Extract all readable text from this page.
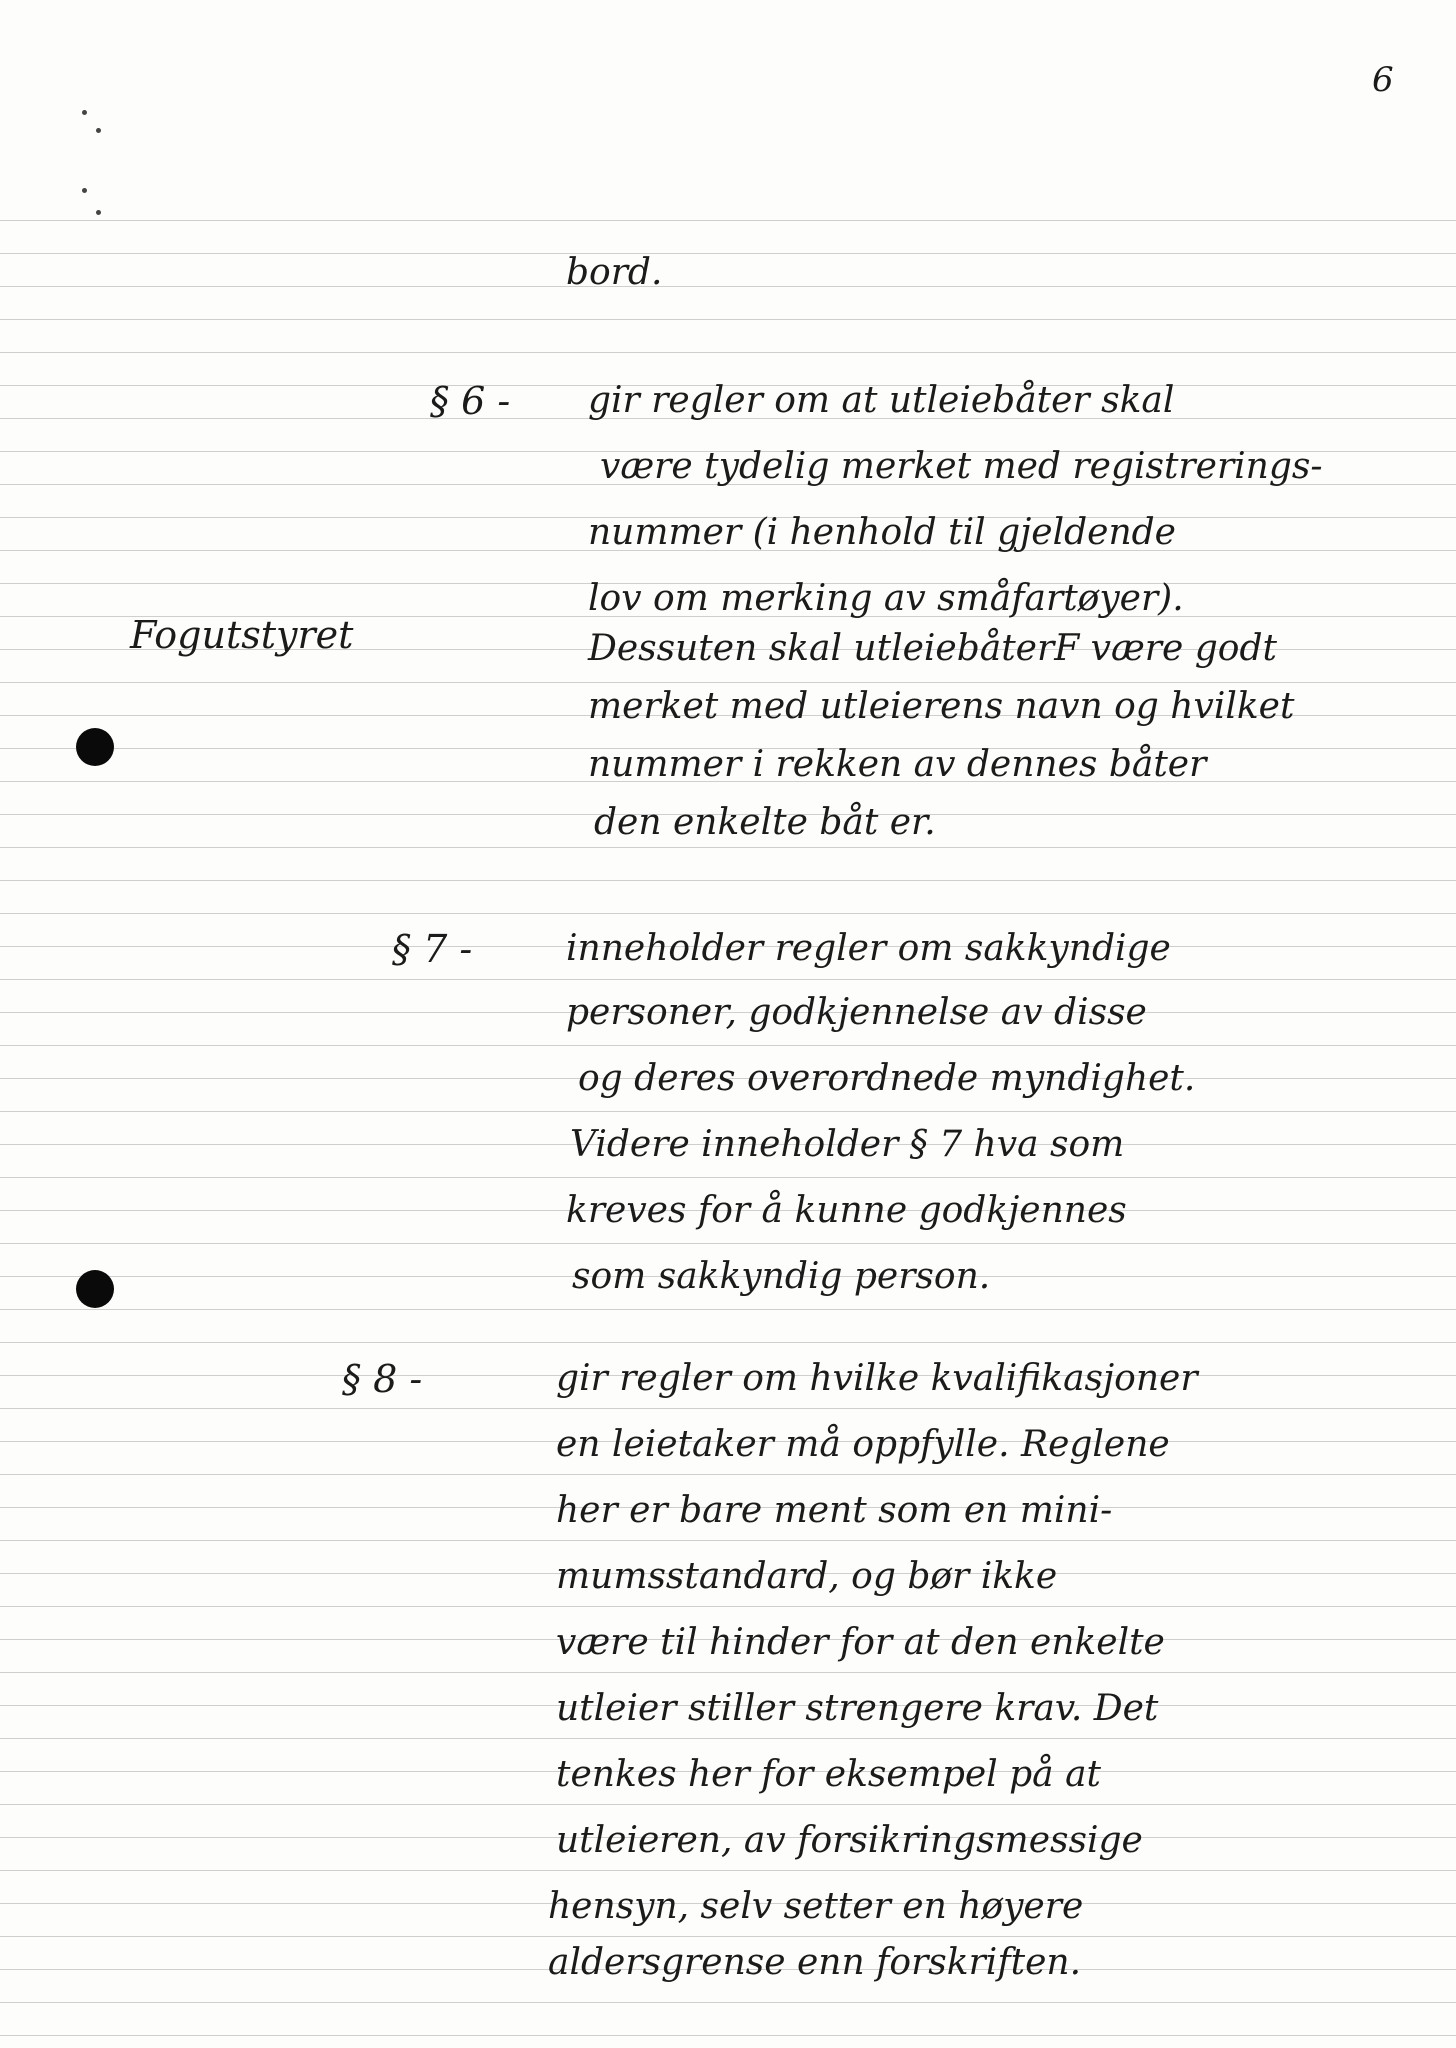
6
bord.
§ 6 - gir regler om at utleiebåter skal
være tydelig merket med registrerings-
nummer (i henhold til gjeldende
lov om merking av småfartøyer).
Fogutstyret	Dessuten skal utleiebåterF være godt
merket med utleierens navn og hvilket
nummer i rekken av dennes båter
den enkelte båt er.
§ 7 -	inneholder regler om sakkyndige
personer, godkjennelse av disse
og deres overordnede myndighet.
Videre inneholder § 7 hva som
kreves for å kunne godkjennes
som sakkyndig person.
§ 8 -	gir regler om hvilke kvalifikasjoner
en leietaker må oppfylle. Reglene
her er bare ment som en mini-
mumsstandard, og bør ikke
være til hinder for at den enkelte
utleier stiller strengere krav. Det
tenkes her for eksempel på at
utleieren, av forsikringsmessige
hensyn, selv setter en høyere
aldersgrense enn forskriften.
